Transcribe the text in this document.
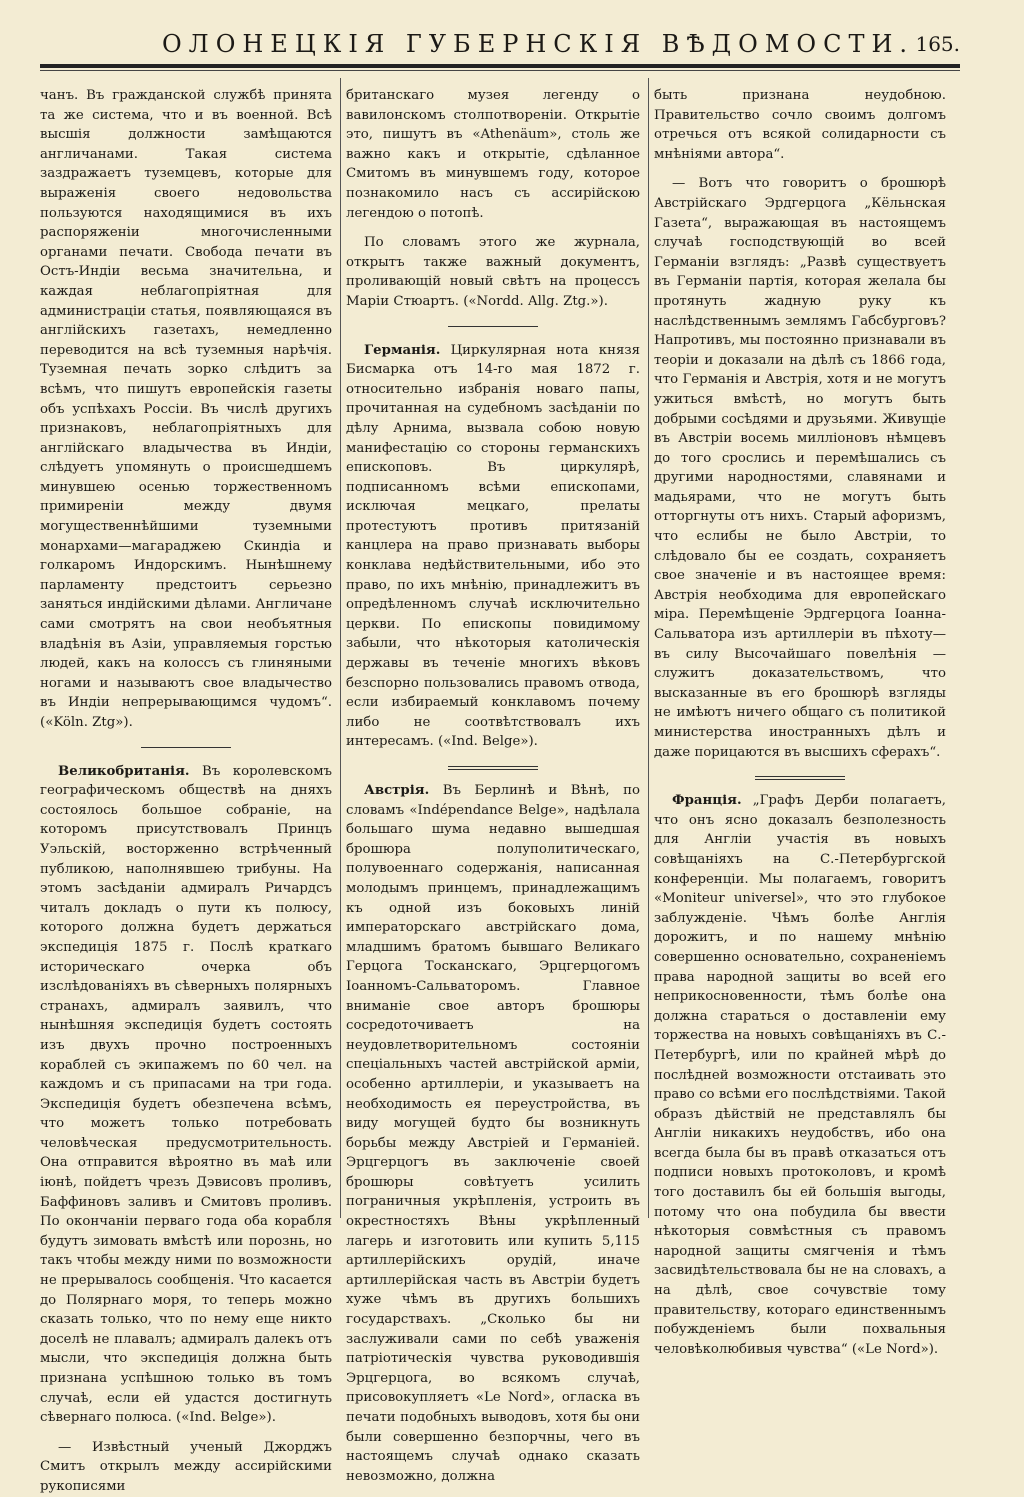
ОЛОНЕЦКІЯ ГУБЕРНСКІЯ ВѢДОМОСТИ. 165.

чанъ. Въ гражданской службѣ принята та же система, что и въ военной. Всѣ высшія должности замѣщаются англичанами. Такая система заздражаетъ туземцевъ, которые для выраженія своего недовольства пользуются находящимися въ ихъ распоряженіи многочисленными органами печати. Свобода печати въ Остъ-Индіи весьма значительна, и каждая неблагопріятная для администраціи статья, появляющаяся въ англійскихъ газетахъ, немедленно переводится на всѣ туземныя нарѣчія. Туземная печать зорко слѣдитъ за всѣмъ, что пишутъ европейскія газеты объ успѣхахъ Россіи. Въ числѣ другихъ признаковъ, неблагопріятныхъ для англійскаго владычества въ Индіи, слѣдуетъ упомянуть о происшедшемъ минувшею осенью торжественномъ примиреніи между двумя могущественнѣйшими туземными монархами—магараджею Скиндіа и голкаромъ Индорскимъ. Нынѣшнему парламенту предстоитъ серьезно заняться индійскими дѣлами. Англичане сами смотрятъ на свои необъятныя владѣнія въ Азіи, управляемыя горстью людей, какъ на колоссъ съ глиняными ногами и называютъ свое владычество въ Индіи непрерывающимся чудомъ“. («Köln. Ztg»).

Великобританія. Въ королевскомъ географическомъ обществѣ на дняхъ состоялось большое собраніе, на которомъ присутствовалъ Принцъ Уэльскій, восторженно встрѣченный публикою, наполнявшею трибуны. На этомъ засѣданіи адмиралъ Ричардсъ читалъ докладъ о пути къ полюсу, которого должна будетъ держаться экспедиція 1875 г. Послѣ краткаго историческаго очерка объ изслѣдованіяхъ въ сѣверныхъ полярныхъ странахъ, адмиралъ заявилъ, что нынѣшняя экспедиція будетъ состоять изъ двухъ прочно построенныхъ кораблей съ экипажемъ по 60 чел. на каждомъ и съ припасами на три года. Экспедиція будетъ обезпечена всѣмъ, что можетъ только потребовать человѣческая предусмотрительность. Она отправится вѣроятно въ маѣ или іюнѣ, пойдетъ чрезъ Дэвисовъ проливъ, Баффиновъ заливъ и Смитовъ проливъ. По окончаніи перваго года оба корабля будутъ зимовать вмѣстѣ или порознь, но такъ чтобы между ними по возможности не прерывалось сообщенія. Что касается до Полярнаго моря, то теперь можно сказать только, что по нему еще никто доселѣ не плавалъ; адмиралъ далекъ отъ мысли, что экспедиція должна быть признана успѣшною только въ томъ случаѣ, если ей удастся достигнуть сѣвернаго полюса. («Ind. Belge»).

— Извѣстный ученый Джорджъ Смитъ открылъ между ассирійскими рукописями

британскаго музея легенду о вавилонскомъ столпотвореніи. Открытіе это, пишутъ въ «Athenäum», столь же важно какъ и открытіе, сдѣланное Смитомъ въ минувшемъ году, которое познакомило насъ съ ассирійскою легендою о потопѣ.

По словамъ этого же журнала, открытъ также важный документъ, проливающій новый свѣтъ на процессъ Маріи Стюартъ. («Nordd. Allg. Ztg.»).

Германія. Циркулярная нота князя Бисмарка отъ 14-го мая 1872 г. относительно избранія новаго папы, прочитанная на судебномъ засѣданіи по дѣлу Арнима, вызвала собою новую манифестацію со стороны германскихъ епископовъ. Въ циркулярѣ, подписанномъ всѣми епископами, исключая мецкаго, прелаты протестуютъ противъ притязаній канцлера на право признавать выборы конклава недѣйствительными, ибо это право, по ихъ мнѣнію, принадлежитъ въ опредѣленномъ случаѣ исключительно церкви. По епископы повидимому забыли, что нѣкоторыя католическія державы въ теченіе многихъ вѣковъ безспорно пользовались правомъ отвода, если избираемый конклавомъ почему либо не соотвѣтствовалъ ихъ интересамъ. («Ind. Belge»).

Австрія. Въ Берлинѣ и Вѣнѣ, по словамъ «Indépendance Belge», надѣлала большаго шума недавно вышедшая брошюра полуполитическаго, полувоеннаго содержанія, написанная молодымъ принцемъ, принадлежащимъ къ одной изъ боковыхъ линій императорскаго австрійскаго дома, младшимъ братомъ бывшаго Великаго Герцога Тосканскаго, Эрцгерцогомъ Іоанномъ-Сальваторомъ. Главное вниманіе свое авторъ брошюры сосредоточиваетъ на неудовлетворительномъ состояніи спеціальныхъ частей австрійской арміи, особенно артиллеріи, и указываетъ на необходимость ея переустройства, въ виду могущей будто бы возникнуть борьбы между Австріей и Германіей. Эрцгерцогъ въ заключеніе своей брошюры совѣтуетъ усилить пограничныя укрѣпленія, устроить въ окрестностяхъ Вѣны укрѣпленный лагерь и изготовить или купить 5,115 артиллерійскихъ орудій, иначе артиллерійская часть въ Австріи будетъ хуже чѣмъ въ другихъ большихъ государствахъ. „Сколько бы ни заслуживали сами по себѣ уваженія патріотическія чувства руководившія Эрцгерцога, во всякомъ случаѣ, присовокупляетъ «Le Nord», огласка въ печати подобныхъ выводовъ, хотя бы они были совершенно безпорчны, чего въ настоящемъ случаѣ однако сказать невозможно, должна

быть признана неудобною. Правительство сочло своимъ долгомъ отречься отъ всякой солидарности съ мнѣніями автора“.

— Вотъ что говоритъ о брошюрѣ Австрійскаго Эрдгерцога „Кёльнская Газета“, выражающая въ настоящемъ случаѣ господствующій во всей Германіи взглядъ: „Развѣ существуетъ въ Германіи партія, которая желала бы протянуть жадную руку къ наслѣдственнымъ землямъ Габсбурговъ? Напротивъ, мы постоянно признавали въ теоріи и доказали на дѣлѣ съ 1866 года, что Германія и Австрія, хотя и не могутъ ужиться вмѣстѣ, но могутъ быть добрыми сосѣдями и друзьями. Живущіе въ Австріи восемь милліоновъ нѣмцевъ до того срослись и перемѣшались съ другими народностями, славянами и мадьярами, что не могутъ быть отторгнуты отъ нихъ. Старый афоризмъ, что еслибы не было Австріи, то слѣдовало бы ее создать, сохраняетъ свое значеніе и въ настоящее время: Австрія необходима для европейскаго міра. Перемѣщеніе Эрдгерцога Іоанна-Сальватора изъ артиллеріи въ пѣхоту—въ силу Высочайшаго повелѣнія — служитъ доказательствомъ, что высказанные въ его брошюрѣ взгляды не имѣютъ ничего общаго съ политикой министерства иностранныхъ дѣлъ и даже порицаются въ высшихъ сферахъ“.

Франція. „Графъ Дерби полагаетъ, что онъ ясно доказалъ безполезность для Англіи участія въ новыхъ совѣщаніяхъ на С.-Петербургской конференціи. Мы полагаемъ, говоритъ «Moniteur universel», что это глубокое заблужденіе. Чѣмъ болѣе Англія дорожитъ, и по нашему мнѣнію совершенно основательно, сохраненіемъ права народной защиты во всей его неприкосновенности, тѣмъ болѣе она должна стараться о доставленіи ему торжества на новыхъ совѣщаніяхъ въ С.-Петербургѣ, или по крайней мѣрѣ до послѣдней возможности отстаивать это право со всѣми его послѣдствіями. Такой образъ дѣйствій не представлялъ бы Англіи никакихъ неудобствъ, ибо она всегда была бы въ правѣ отказаться отъ подписи новыхъ протоколовъ, и кромѣ того доставилъ бы ей большія выгоды, потому что она побудила бы ввести нѣкоторыя совмѣстныя съ правомъ народной защиты смягченія и тѣмъ засвидѣтельствовала бы не на словахъ, а на дѣлѣ, свое сочувствіе тому правительству, котораго единственнымъ побужденіемъ были похвальныя человѣколюбивыя чувства“ («Le Nord»).
